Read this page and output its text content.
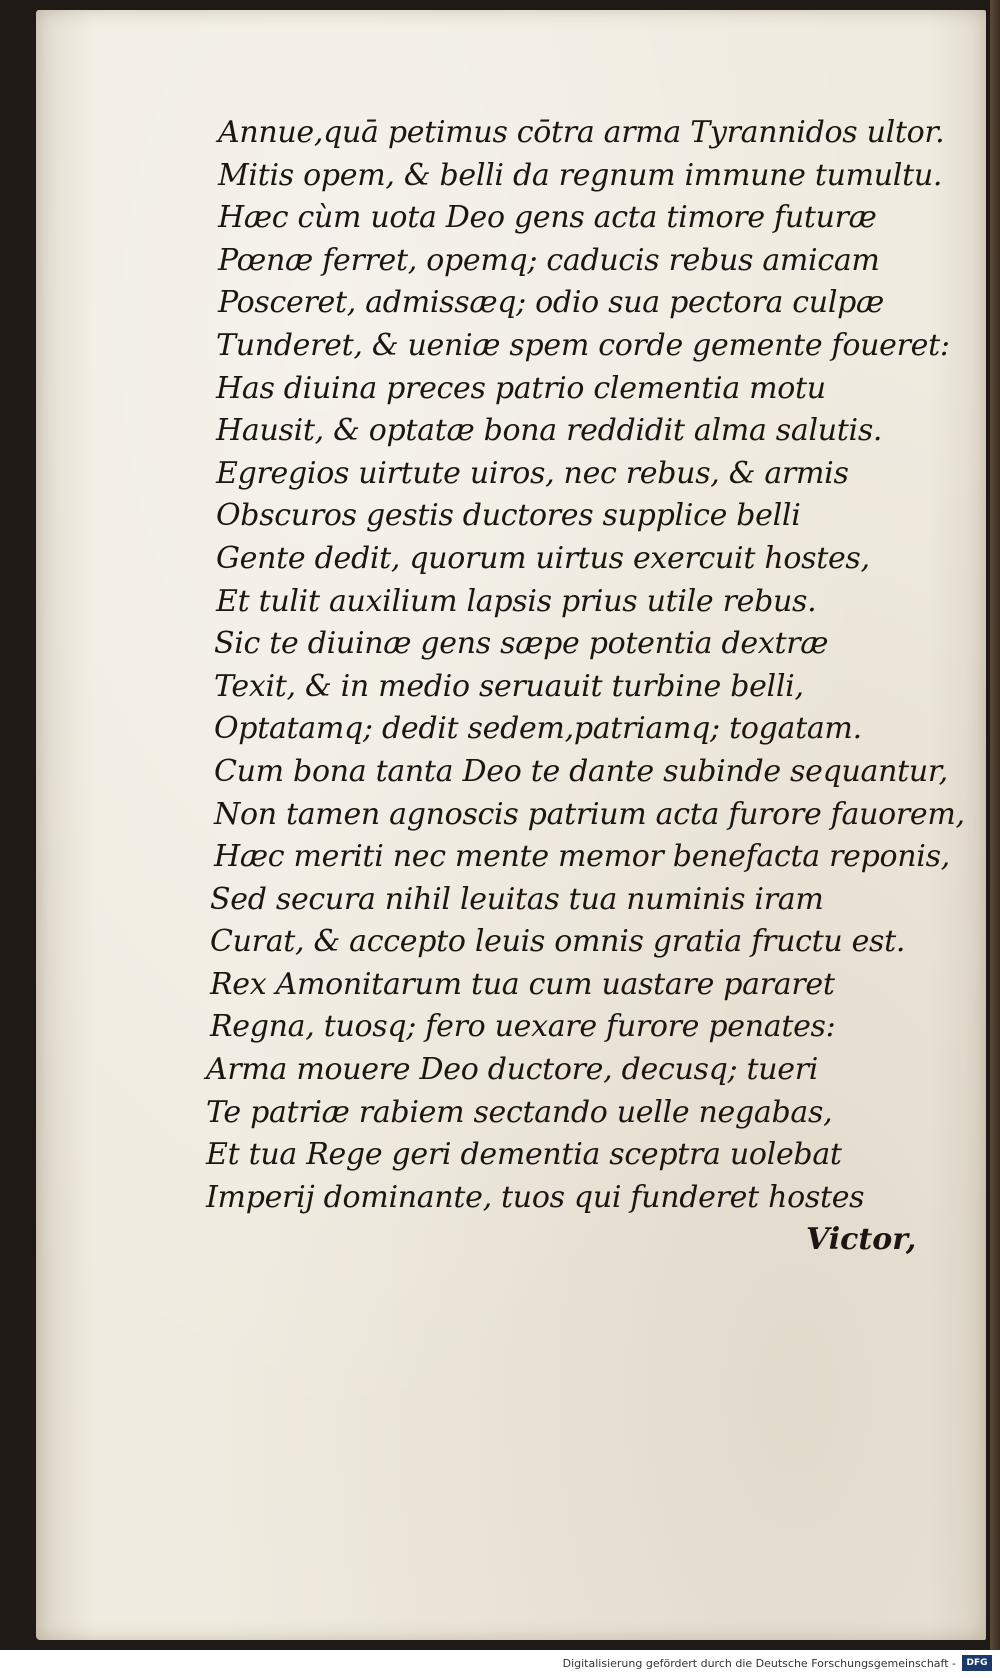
Annue,quā petimus cōtra arma Tyrannidos ultor.
Mitis opem, & belli da regnum immune tumultu.
Hæc cùm uota Deo gens acta timore futuræ
Pœnæ ferret, opemq; caducis rebus amicam
Posceret, admissæq; odio sua pectora culpæ
Tunderet, & ueniæ spem corde gemente foueret:
Has diuina preces patrio clementia motu
Hausit, & optatæ bona reddidit alma salutis.
Egregios uirtute uiros, nec rebus, & armis
Obscuros gestis ductores supplice belli
Gente dedit, quorum uirtus exercuit hostes,
Et tulit auxilium lapsis prius utile rebus.
Sic te diuinæ gens sæpe potentia dextræ
Texit, & in medio seruauit turbine belli,
Optatamq; dedit sedem,patriamq; togatam.
Cum bona tanta Deo te dante subinde sequantur,
Non tamen agnoscis patrium acta furore fauorem,
Hæc meriti nec mente memor benefacta reponis,
Sed secura nihil leuitas tua numinis iram
Curat, & accepto leuis omnis gratia fructu est.
Rex Amonitarum tua cum uastare pararet
Regna, tuosq; fero uexare furore penates:
Arma mouere Deo ductore, decusq; tueri
Te patriæ rabiem sectando uelle negabas,
Et tua Rege geri dementia sceptra uolebat
Imperij dominante, tuos qui funderet hostes
Victor,
Digitalisierung gefördert durch die Deutsche Forschungsgemeinschaft -	DFG
